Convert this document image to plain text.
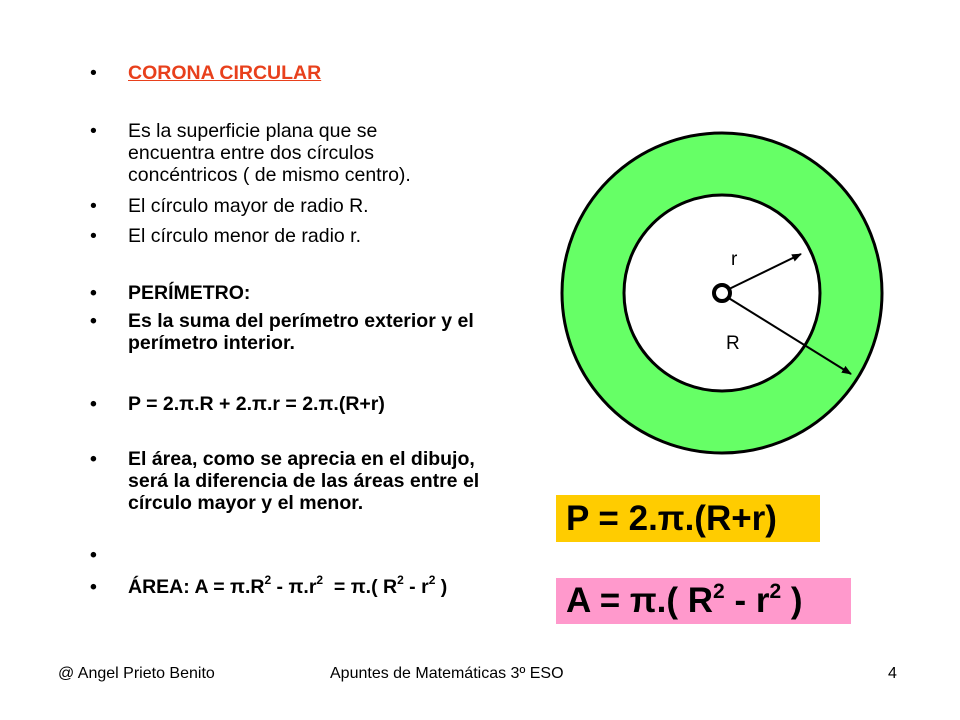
• CORONA CIRCULAR
• Es la superficie plana que se encuentra entre dos círculos concéntricos ( de mismo centro).
• El círculo mayor de radio R.
• El círculo menor de radio r.
• PERÍMETRO:
• Es la suma del perímetro exterior y el perímetro interior.
• P = 2.π.R + 2.π.r = 2.π.(R+r)
• El área, como se aprecia en el dibujo, será la diferencia de las áreas entre el círculo mayor y el menor.
•
• ÁREA: $A = \pi.R^2 - \pi.r^2 = \pi$.( $R^2 - r^2$ )
r
R
P = 2.π.(R+r)
A = π.( $R^2 - r^2$ )
@ Angel Prieto Benito	Apuntes de Matemáticas 3º ESO	4
